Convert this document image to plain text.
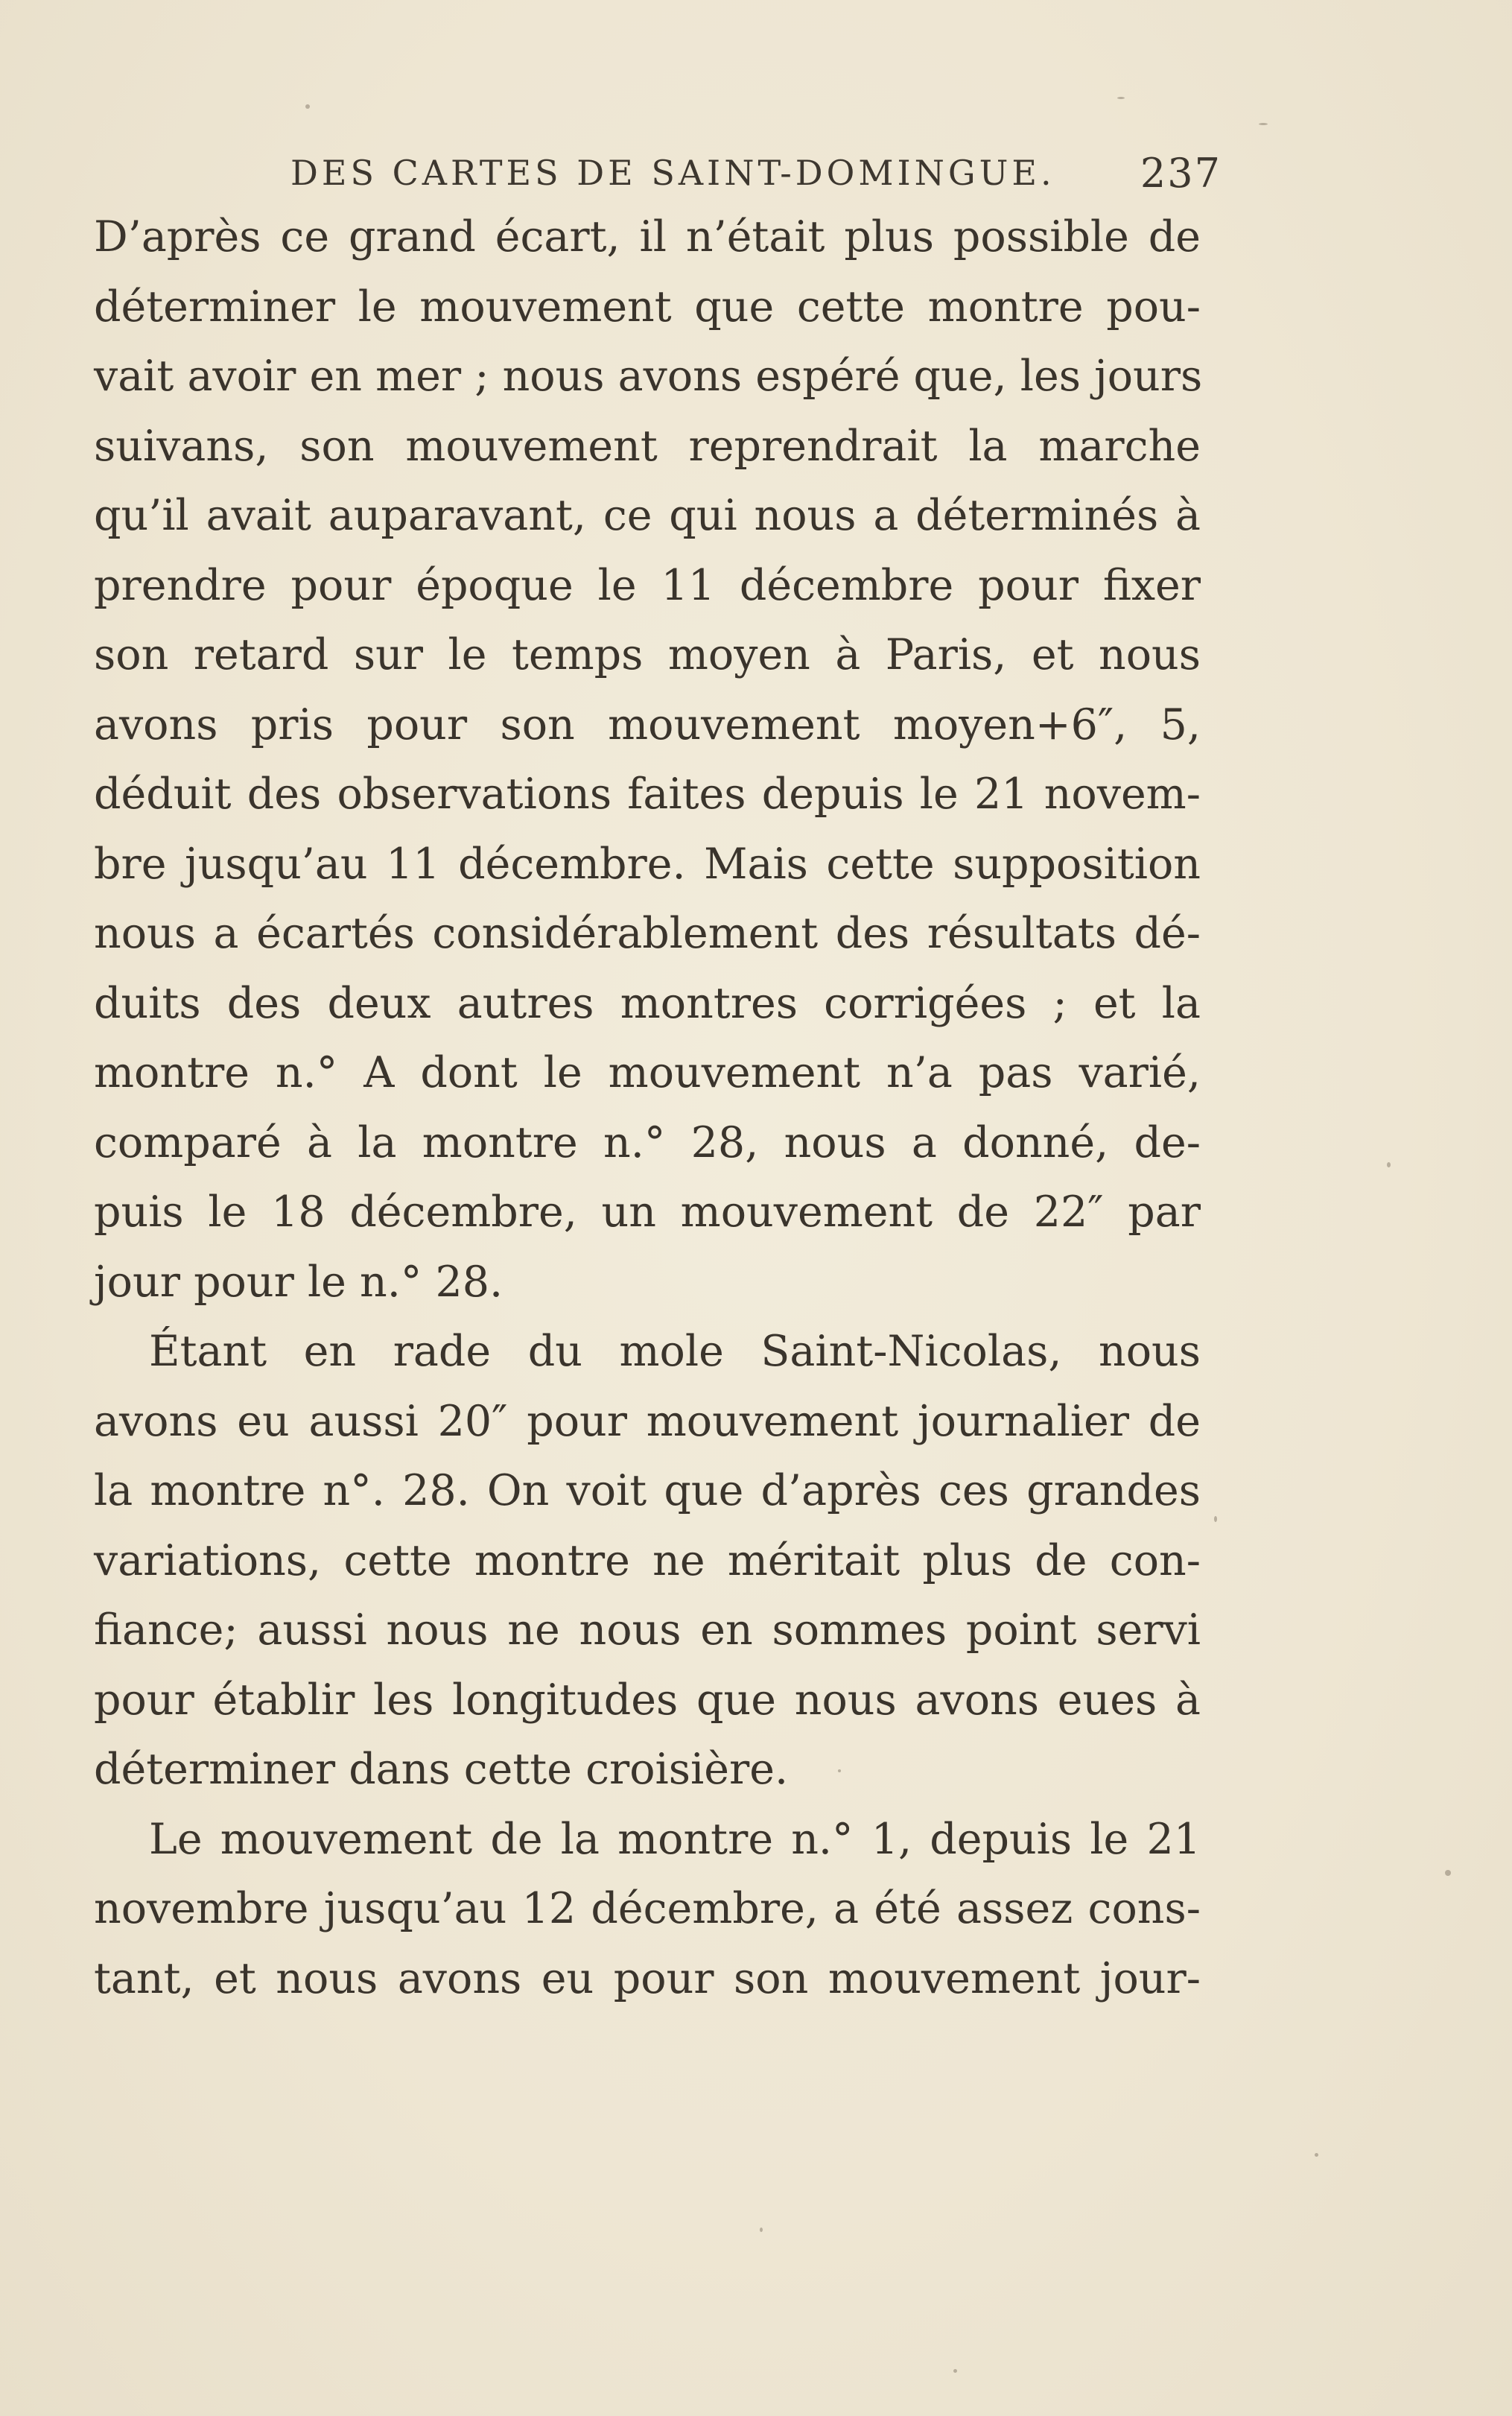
DES CARTES DE SAINT-DOMINGUE. 237
D’après ce grand écart, il n’était plus possible de
déterminer le mouvement que cette montre pou-
vait avoir en mer ; nous avons espéré que, les jours
suivans, son mouvement reprendrait la marche
qu’il avait auparavant, ce qui nous a déterminés à
prendre pour époque le 11 décembre pour fixer
son retard sur le temps moyen à Paris, et nous
avons pris pour son mouvement moyen+6″, 5,
déduit des observations faites depuis le 21 novem-
bre jusqu’au 11 décembre. Mais cette supposition
nous a écartés considérablement des résultats dé-
duits des deux autres montres corrigées ; et la
montre n.° A dont le mouvement n’a pas varié,
comparé à la montre n.° 28, nous a donné, de-
puis le 18 décembre, un mouvement de 22″ par
jour pour le n.° 28.
Étant en rade du mole Saint-Nicolas, nous
avons eu aussi 20″ pour mouvement journalier de
la montre n°. 28. On voit que d’après ces grandes
variations, cette montre ne méritait plus de con-
fiance; aussi nous ne nous en sommes point servi
pour établir les longitudes que nous avons eues à
déterminer dans cette croisière.
Le mouvement de la montre n.° 1, depuis le 21
novembre jusqu’au 12 décembre, a été assez cons-
tant, et nous avons eu pour son mouvement jour-
